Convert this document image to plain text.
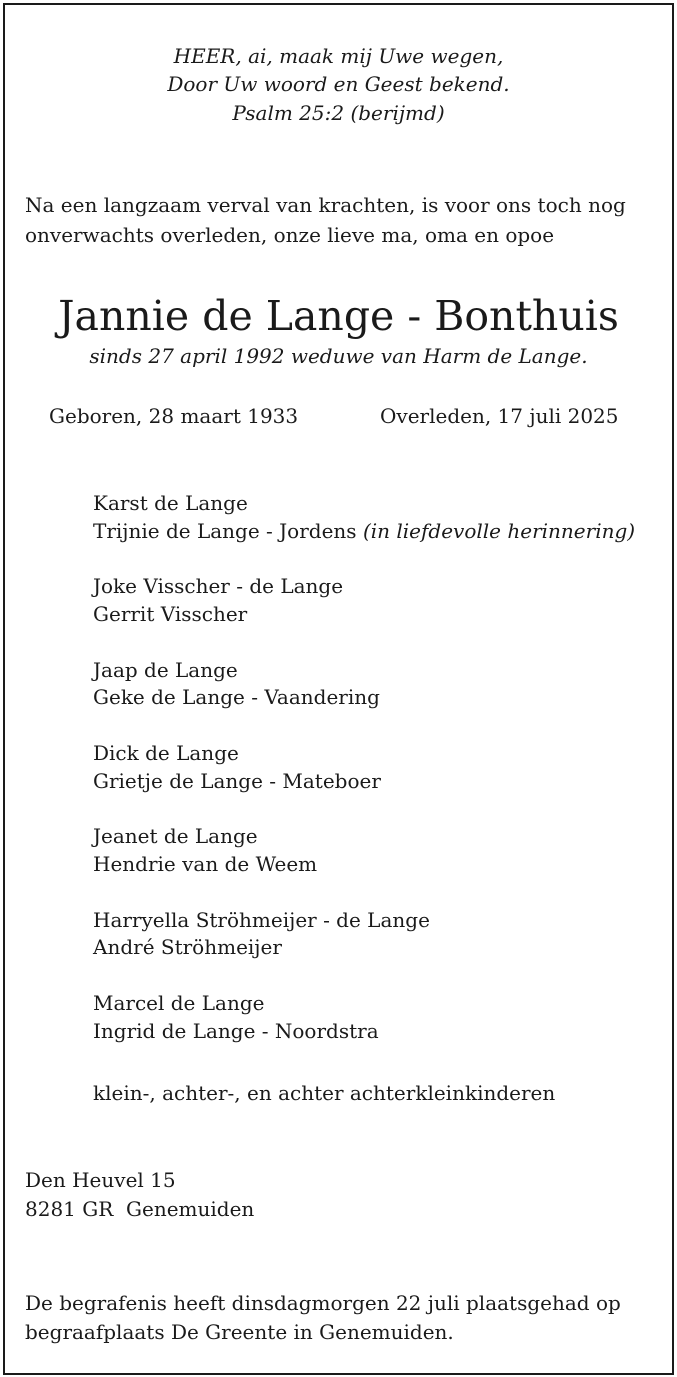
HEER, ai, maak mij Uwe wegen,
Door Uw woord en Geest bekend.
Psalm 25:2 (berijmd)
Na een langzaam verval van krachten, is voor ons toch nog
onverwachts overleden, onze lieve ma, oma en opoe
Jannie de Lange - Bonthuis
sinds 27 april 1992 weduwe van Harm de Lange.
Geboren, 28 maart 1933	Overleden, 17 juli 2025
Karst de Lange
Trijnie de Lange - Jordens (in liefdevolle herinnering)
Joke Visscher - de Lange
Gerrit Visscher
Jaap de Lange
Geke de Lange - Vaandering
Dick de Lange
Grietje de Lange - Mateboer
Jeanet de Lange
Hendrie van de Weem
Harryella Ströhmeijer - de Lange
André Ströhmeijer
Marcel de Lange
Ingrid de Lange - Noordstra
klein-, achter-, en achter achterkleinkinderen
Den Heuvel 15
8281 GR  Genemuiden
De begrafenis heeft dinsdagmorgen 22 juli plaatsgehad op
begraafplaats De Greente in Genemuiden.
